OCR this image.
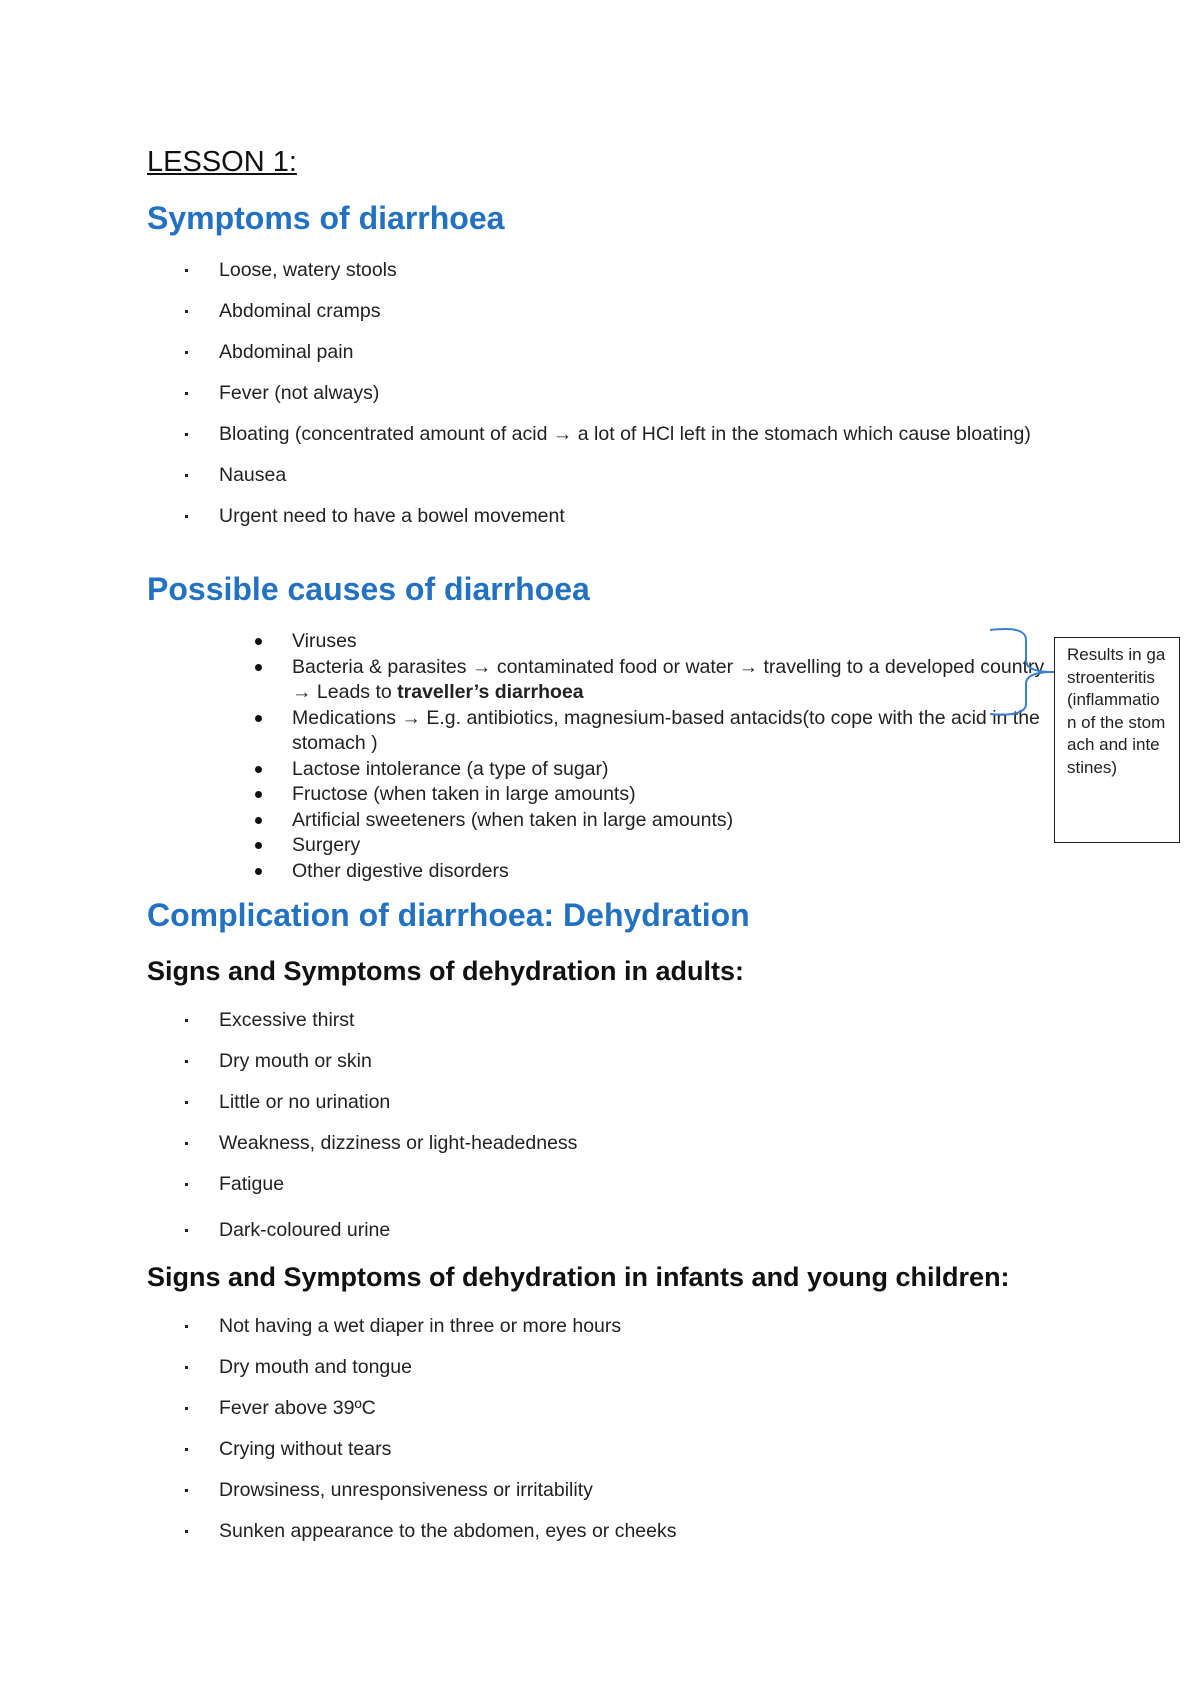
LESSON 1:
Symptoms of diarrhoea
Loose, watery stools
Abdominal cramps
Abdominal pain
Fever (not always)
Bloating (concentrated amount of acid → a lot of HCl left in the stomach which cause bloating)
Nausea
Urgent need to have a bowel movement
Possible causes of diarrhoea
Viruses
Bacteria & parasites → contaminated food or water → travelling to a developed country → Leads to traveller’s diarrhoea
Medications → E.g. antibiotics, magnesium-based antacids(to cope with the acid in the stomach )
Lactose intolerance (a type of sugar)
Fructose (when taken in large amounts)
Artificial sweeteners (when taken in large amounts)
Surgery
Other digestive disorders
Complication of diarrhoea: Dehydration
Signs and Symptoms of dehydration in adults:
Excessive thirst
Dry mouth or skin
Little or no urination
Weakness, dizziness or light-headedness
Fatigue
Dark-coloured urine
Signs and Symptoms of dehydration in infants and young children:
Not having a wet diaper in three or more hours
Dry mouth and tongue
Fever above 39ºC
Crying without tears
Drowsiness, unresponsiveness or irritability
Sunken appearance to the abdomen, eyes or cheeks
Results in gastroenteritis (inflammation of the stomach and intestines)
